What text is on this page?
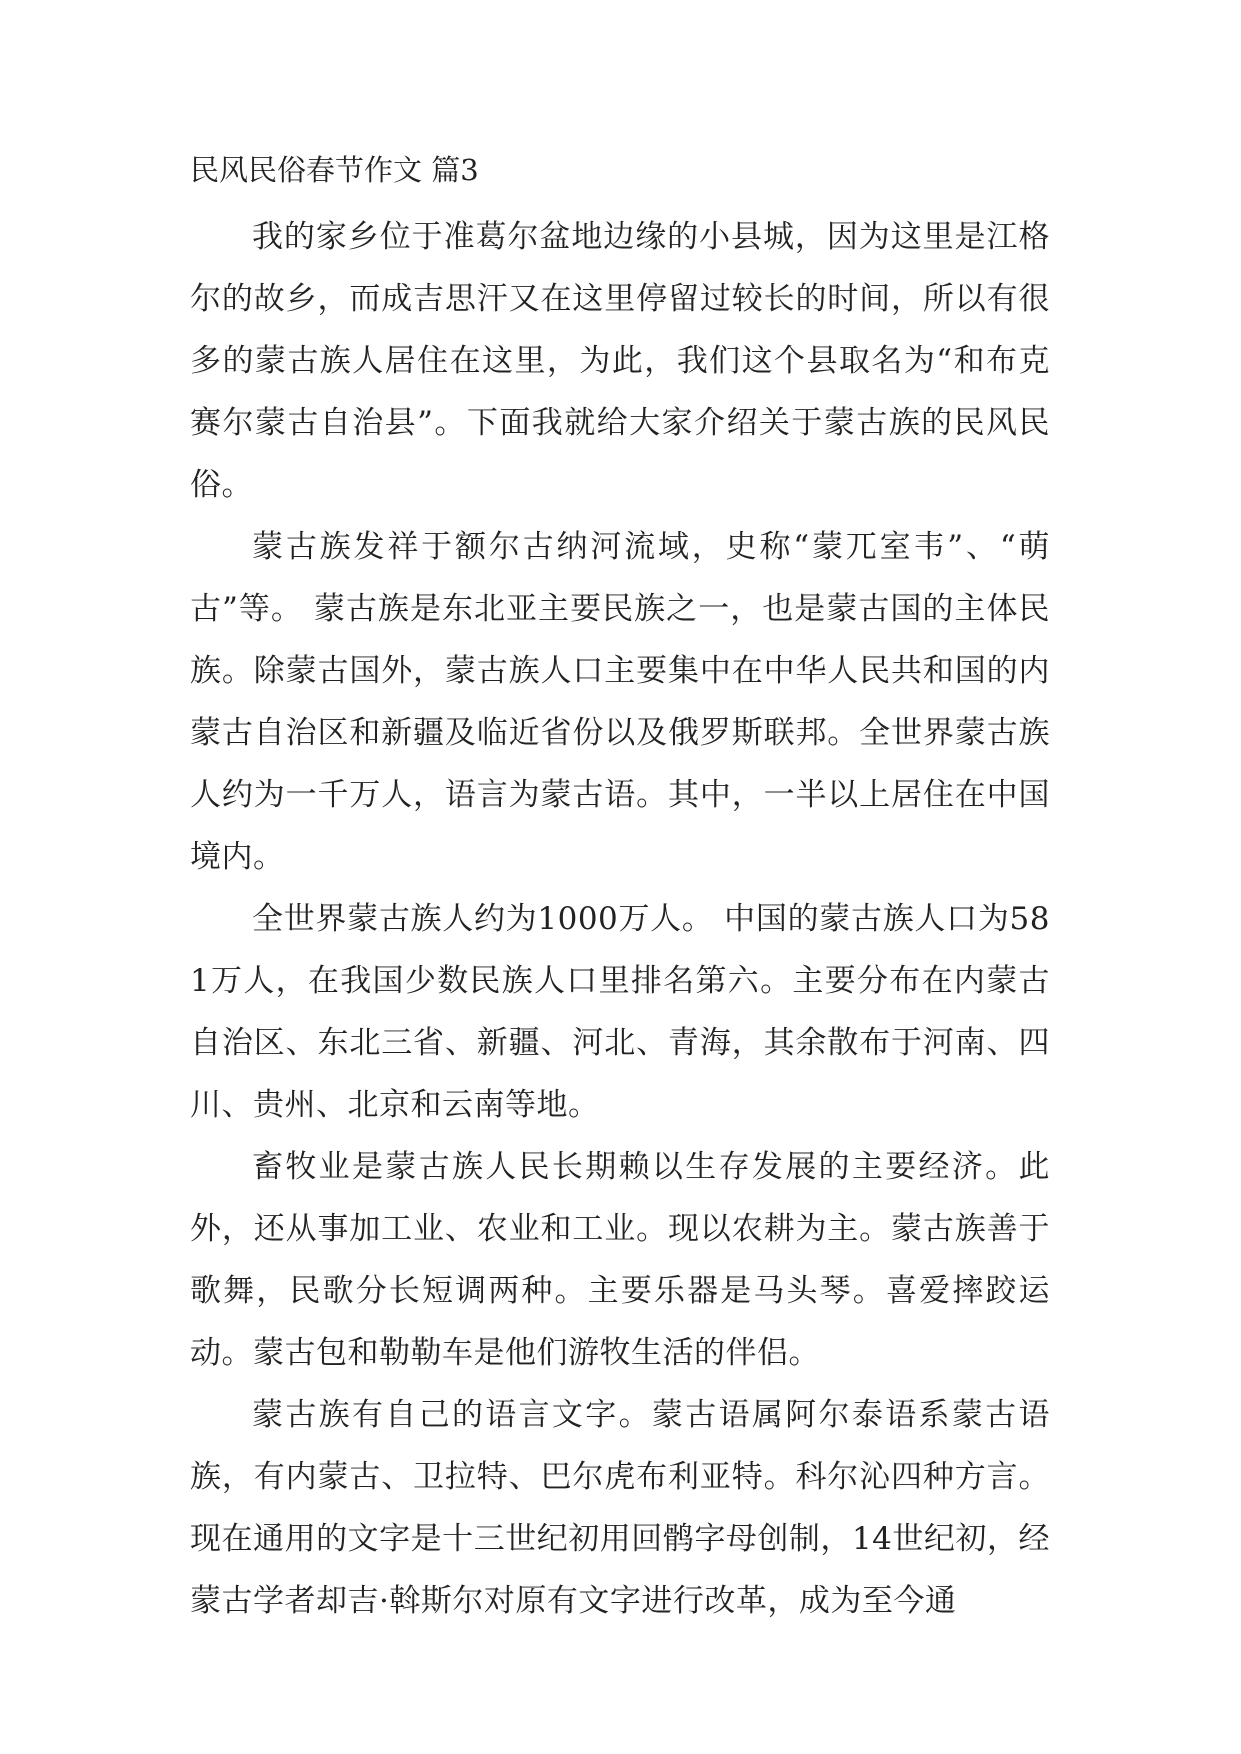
民风民俗春节作文 篇3

我的家乡位于准葛尔盆地边缘的小县城，因为这里是江格尔的故乡，而成吉思汗又在这里停留过较长的时间，所以有很多的蒙古族人居住在这里，为此，我们这个县取名为“和布克赛尔蒙古自治县”。下面我就给大家介绍关于蒙古族的民风民俗。

蒙古族发祥于额尔古纳河流域，史称“蒙兀室韦”、“萌古”等。 蒙古族是东北亚主要民族之一，也是蒙古国的主体民族。除蒙古国外，蒙古族人口主要集中在中华人民共和国的内蒙古自治区和新疆及临近省份以及俄罗斯联邦。全世界蒙古族人约为一千万人，语言为蒙古语。其中，一半以上居住在中国境内。

全世界蒙古族人约为1000万人。 中国的蒙古族人口为581万人，在我国少数民族人口里排名第六。主要分布在内蒙古自治区、东北三省、新疆、河北、青海，其余散布于河南、四川、贵州、北京和云南等地。

畜牧业是蒙古族人民长期赖以生存发展的主要经济。此外，还从事加工业、农业和工业。现以农耕为主。蒙古族善于歌舞，民歌分长短调两种。主要乐器是马头琴。喜爱摔跤运动。蒙古包和勒勒车是他们游牧生活的伴侣。

蒙古族有自己的语言文字。蒙古语属阿尔泰语系蒙古语族，有内蒙古、卫拉特、巴尔虎布利亚特。科尔沁四种方言。现在通用的文字是十三世纪初用回鹘字母创制，14世纪初，经蒙古学者却吉·斡斯尔对原有文字进行改革，成为至今通
